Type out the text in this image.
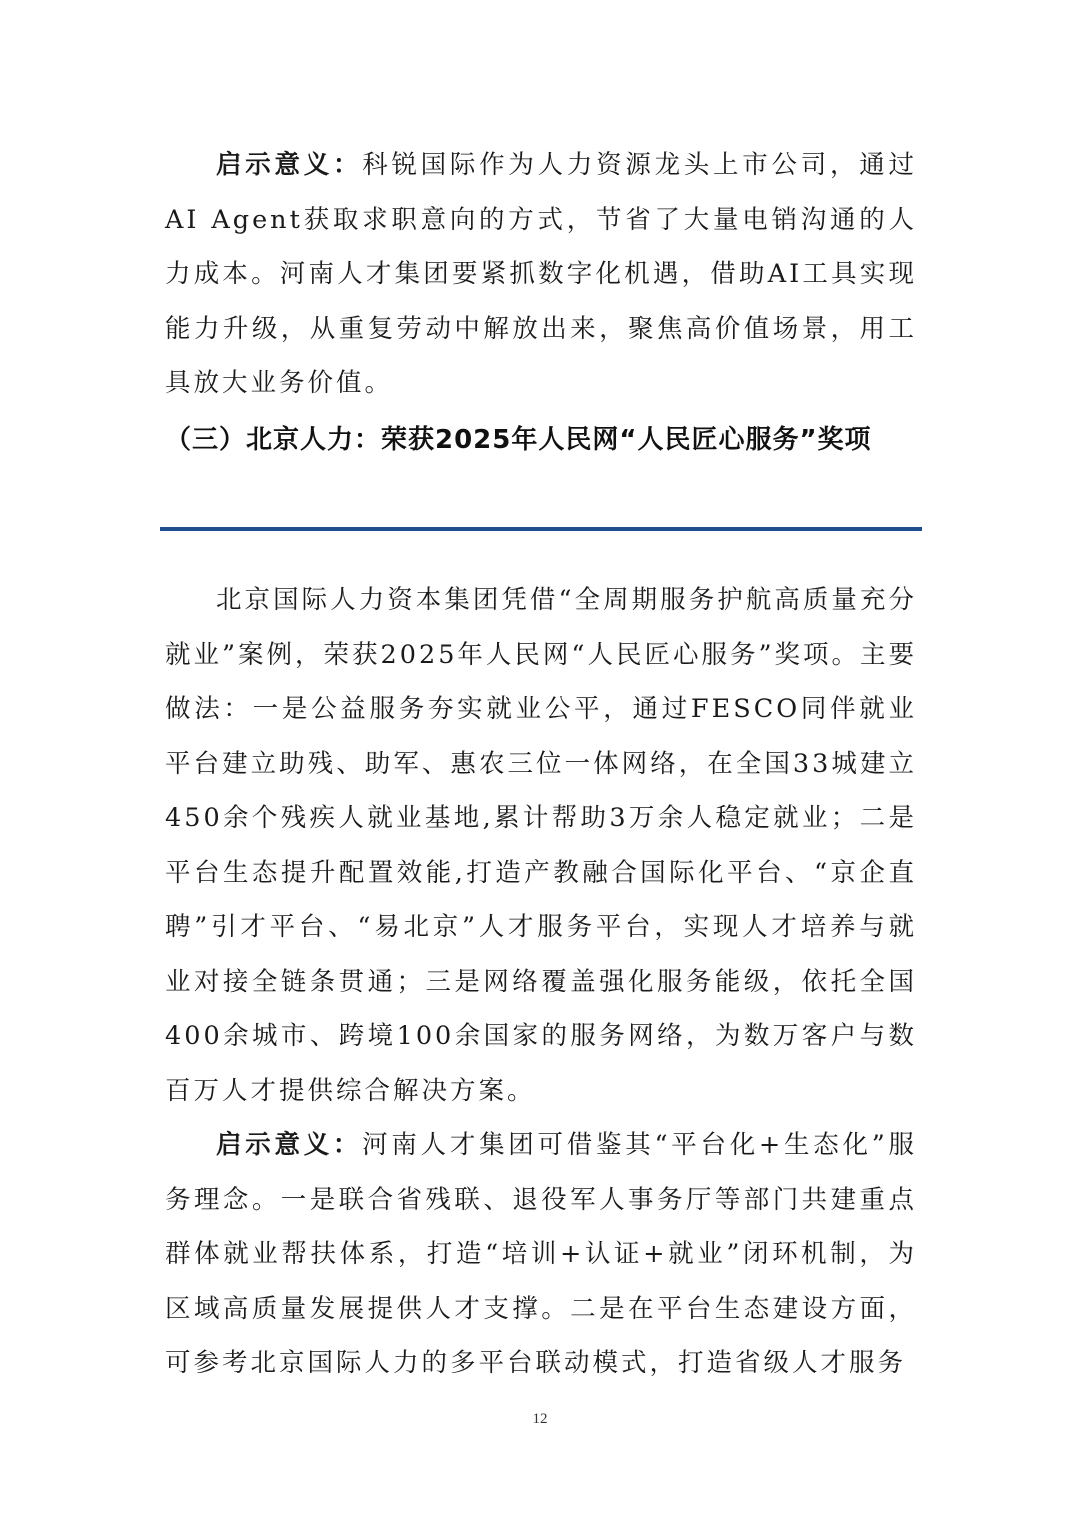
启示意义：科锐国际作为人力资源龙头上市公司，通过AI Agent获取求职意向的方式，节省了大量电销沟通的人力成本。河南人才集团要紧抓数字化机遇，借助AI工具实现能力升级，从重复劳动中解放出来，聚焦高价值场景，用工具放大业务价值。

（三）北京人力：荣获2025年人民网“人民匠心服务”奖项

北京国际人力资本集团凭借“全周期服务护航高质量充分就业”案例，荣获2025年人民网“人民匠心服务”奖项。主要做法：一是公益服务夯实就业公平，通过FESCO同伴就业平台建立助残、助军、惠农三位一体网络，在全国33城建立450余个残疾人就业基地,累计帮助3万余人稳定就业；二是平台生态提升配置效能,打造产教融合国际化平台、“京企直聘”引才平台、“易北京”人才服务平台，实现人才培养与就业对接全链条贯通；三是网络覆盖强化服务能级，依托全国400余城市、跨境100余国家的服务网络，为数万客户与数百万人才提供综合解决方案。

启示意义：河南人才集团可借鉴其“平台化+生态化”服务理念。一是联合省残联、退役军人事务厅等部门共建重点群体就业帮扶体系，打造“培训+认证+就业”闭环机制，为区域高质量发展提供人才支撑。二是在平台生态建设方面，可参考北京国际人力的多平台联动模式，打造省级人才服务

12
